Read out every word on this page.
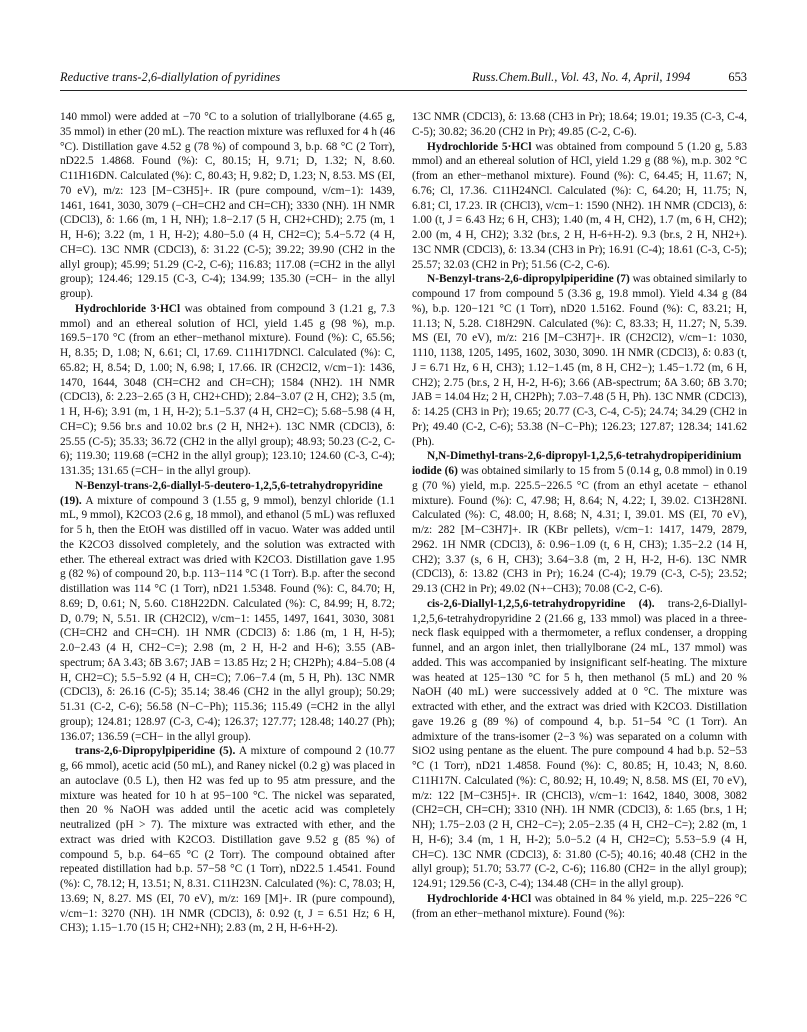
Reductive trans-2,6-diallylation of pyridines	Russ.Chem.Bull., Vol. 43, No. 4, April, 1994	653

140 mmol) were added at −70 °C to a solution of triallylborane (4.65 g, 35 mmol) in ether (20 mL). The reaction mixture was refluxed for 4 h (46 °C). Distillation gave 4.52 g (78 %) of compound 3, b.p. 68 °C (2 Torr), nD22.5 1.4868. Found (%): C, 80.15; H, 9.71; D, 1.32; N, 8.60. C11H16DN. Calculated (%): C, 80.43; H, 9.82; D, 1.23; N, 8.53. MS (EI, 70 eV), m/z: 123 [M−C3H5]+. IR (pure compound, ν/cm−1): 1439, 1461, 1641, 3030, 3079 (−CH=CH2 and CH=CH); 3330 (NH). 1H NMR (CDCl3), δ: 1.66 (m, 1 H, NH); 1.8−2.17 (5 H, CH2+CHD); 2.75 (m, 1 H, H-6); 3.22 (m, 1 H, H-2); 4.80−5.0 (4 H, CH2=C); 5.4−5.72 (4 H, CH=C). 13C NMR (CDCl3), δ: 31.22 (C-5); 39.22; 39.90 (CH2 in the allyl group); 45.99; 51.29 (C-2, C-6); 116.83; 117.08 (=CH2 in the allyl group); 124.46; 129.15 (C-3, C-4); 134.99; 135.30 (=CH− in the allyl group).

Hydrochloride 3·HCl was obtained from compound 3 (1.21 g, 7.3 mmol) and an ethereal solution of HCl, yield 1.45 g (98 %), m.p. 169.5−170 °C (from an ether−methanol mixture). Found (%): C, 65.56; H, 8.35; D, 1.08; N, 6.61; Cl, 17.69. C11H17DNCl. Calculated (%): C, 65.82; H, 8.54; D, 1.00; N, 6.98; I, 17.66. IR (CH2Cl2, ν/cm−1): 1436, 1470, 1644, 3048 (CH=CH2 and CH=CH); 1584 (NH2). 1H NMR (CDCl3), δ: 2.23−2.65 (3 H, CH2+CHD); 2.84−3.07 (2 H, CH2); 3.5 (m, 1 H, H-6); 3.91 (m, 1 H, H-2); 5.1−5.37 (4 H, CH2=C); 5.68−5.98 (4 H, CH=C); 9.56 br.s and 10.02 br.s (2 H, NH2+). 13C NMR (CDCl3), δ: 25.55 (C-5); 35.33; 36.72 (CH2 in the allyl group); 48.93; 50.23 (C-2, C-6); 119.30; 119.68 (=CH2 in the allyl group); 123.10; 124.60 (C-3, C-4); 131.35; 131.65 (=CH− in the allyl group).

N-Benzyl-trans-2,6-diallyl-5-deutero-1,2,5,6-tetrahydropyridine (19). A mixture of compound 3 (1.55 g, 9 mmol), benzyl chloride (1.1 mL, 9 mmol), K2CO3 (2.6 g, 18 mmol), and ethanol (5 mL) was refluxed for 5 h, then the EtOH was distilled off in vacuo. Water was added until the K2CO3 dissolved completely, and the solution was extracted with ether. The ethereal extract was dried with K2CO3. Distillation gave 1.95 g (82 %) of compound 20, b.p. 113−114 °C (1 Torr). B.p. after the second distillation was 114 °C (1 Torr), nD21 1.5348. Found (%): C, 84.70; H, 8.69; D, 0.61; N, 5.60. C18H22DN. Calculated (%): C, 84.99; H, 8.72; D, 0.79; N, 5.51. IR (CH2Cl2), ν/cm−1: 1455, 1497, 1641, 3030, 3081 (CH=CH2 and CH=CH). 1H NMR (CDCl3) δ: 1.86 (m, 1 H, H-5); 2.0−2.43 (4 H, CH2−C=); 2.98 (m, 2 H, H-2 and H-6); 3.55 (AB-spectrum; δA 3.43; δB 3.67; JAB = 13.85 Hz; 2 H; CH2Ph); 4.84−5.08 (4 H, CH2=C); 5.5−5.92 (4 H, CH=C); 7.06−7.4 (m, 5 H, Ph). 13C NMR (CDCl3), δ: 26.16 (C-5); 35.14; 38.46 (CH2 in the allyl group); 50.29; 51.31 (C-2, C-6); 56.58 (N−C−Ph); 115.36; 115.49 (=CH2 in the allyl group); 124.81; 128.97 (C-3, C-4); 126.37; 127.77; 128.48; 140.27 (Ph); 136.07; 136.59 (=CH− in the allyl group).

trans-2,6-Dipropylpiperidine (5). A mixture of compound 2 (10.77 g, 66 mmol), acetic acid (50 mL), and Raney nickel (0.2 g) was placed in an autoclave (0.5 L), then H2 was fed up to 95 atm pressure, and the mixture was heated for 10 h at 95−100 °C. The nickel was separated, then 20 % NaOH was added until the acetic acid was completely neutralized (pH > 7). The mixture was extracted with ether, and the extract was dried with K2CO3. Distillation gave 9.52 g (85 %) of compound 5, b.p. 64−65 °C (2 Torr). The compound obtained after repeated distillation had b.p. 57−58 °C (1 Torr), nD22.5 1.4541. Found (%): C, 78.12; H, 13.51; N, 8.31. C11H23N. Calculated (%): C, 78.03; H, 13.69; N, 8.27. MS (EI, 70 eV), m/z: 169 [M]+. IR (pure compound), ν/cm−1: 3270 (NH). 1H NMR (CDCl3), δ: 0.92 (t, J = 6.51 Hz; 6 H, CH3); 1.15−1.70 (15 H; CH2+NH); 2.83 (m, 2 H, H-6+H-2).

13C NMR (CDCl3), δ: 13.68 (CH3 in Pr); 18.64; 19.01; 19.35 (C-3, C-4, C-5); 30.82; 36.20 (CH2 in Pr); 49.85 (C-2, C-6).

Hydrochloride 5·HCl was obtained from compound 5 (1.20 g, 5.83 mmol) and an ethereal solution of HCl, yield 1.29 g (88 %), m.p. 302 °C (from an ether−methanol mixture). Found (%): C, 64.45; H, 11.67; N, 6.76; Cl, 17.36. C11H24NCl. Calculated (%): C, 64.20; H, 11.75; N, 6.81; Cl, 17.23. IR (CHCl3), ν/cm−1: 1590 (NH2). 1H NMR (CDCl3), δ: 1.00 (t, J = 6.43 Hz; 6 H, CH3); 1.40 (m, 4 H, CH2), 1.7 (m, 6 H, CH2); 2.00 (m, 4 H, CH2); 3.32 (br.s, 2 H, H-6+H-2). 9.3 (br.s, 2 H, NH2+). 13C NMR (CDCl3), δ: 13.34 (CH3 in Pr); 16.91 (C-4); 18.61 (C-3, C-5); 25.57; 32.03 (CH2 in Pr); 51.56 (C-2, C-6).

N-Benzyl-trans-2,6-dipropylpiperidine (7) was obtained similarly to compound 17 from compound 5 (3.36 g, 19.8 mmol). Yield 4.34 g (84 %), b.p. 120−121 °C (1 Torr), nD20 1.5162. Found (%): C, 83.21; H, 11.13; N, 5.28. C18H29N. Calculated (%): C, 83.33; H, 11.27; N, 5.39. MS (EI, 70 eV), m/z: 216 [M−C3H7]+. IR (CH2Cl2), ν/cm−1: 1030, 1110, 1138, 1205, 1495, 1602, 3030, 3090. 1H NMR (CDCl3), δ: 0.83 (t, J = 6.71 Hz, 6 H, CH3); 1.12−1.45 (m, 8 H, CH2−); 1.45−1.72 (m, 6 H, CH2); 2.75 (br.s, 2 H, H-2, H-6); 3.66 (AB-spectrum; δA 3.60; δB 3.70; JAB = 14.04 Hz; 2 H, CH2Ph); 7.03−7.48 (5 H, Ph). 13C NMR (CDCl3), δ: 14.25 (CH3 in Pr); 19.65; 20.77 (C-3, C-4, C-5); 24.74; 34.29 (CH2 in Pr); 49.40 (C-2, C-6); 53.38 (N−C−Ph); 126.23; 127.87; 128.34; 141.62 (Ph).

N,N-Dimethyl-trans-2,6-dipropyl-1,2,5,6-tetrahydropiperidinium iodide (6) was obtained similarly to 15 from 5 (0.14 g, 0.8 mmol) in 0.19 g (70 %) yield, m.p. 225.5−226.5 °C (from an ethyl acetate − ethanol mixture). Found (%): C, 47.98; H, 8.64; N, 4.22; I, 39.02. C13H28NI. Calculated (%): C, 48.00; H, 8.68; N, 4.31; I, 39.01. MS (EI, 70 eV), m/z: 282 [M−C3H7]+. IR (KBr pellets), ν/cm−1: 1417, 1479, 2879, 2962. 1H NMR (CDCl3), δ: 0.96−1.09 (t, 6 H, CH3); 1.35−2.2 (14 H, CH2); 3.37 (s, 6 H, CH3); 3.64−3.8 (m, 2 H, H-2, H-6). 13C NMR (CDCl3), δ: 13.82 (CH3 in Pr); 16.24 (C-4); 19.79 (C-3, C-5); 23.52; 29.13 (CH2 in Pr); 49.02 (N+−CH3); 70.08 (C-2, C-6).

cis-2,6-Diallyl-1,2,5,6-tetrahydropyridine (4). trans-2,6-Diallyl-1,2,5,6-tetrahydropyridine 2 (21.66 g, 133 mmol) was placed in a three-neck flask equipped with a thermometer, a reflux condenser, a dropping funnel, and an argon inlet, then triallylborane (24 mL, 137 mmol) was added. This was accompanied by insignificant self-heating. The mixture was heated at 125−130 °C for 5 h, then methanol (5 mL) and 20 % NaOH (40 mL) were successively added at 0 °C. The mixture was extracted with ether, and the extract was dried with K2CO3. Distillation gave 19.26 g (89 %) of compound 4, b.p. 51−54 °C (1 Torr). An admixture of the trans-isomer (2−3 %) was separated on a column with SiO2 using pentane as the eluent. The pure compound 4 had b.p. 52−53 °C (1 Torr), nD21 1.4858. Found (%): C, 80.85; H, 10.43; N, 8.60. C11H17N. Calculated (%): C, 80.92; H, 10.49; N, 8.58. MS (EI, 70 eV), m/z: 122 [M−C3H5]+. IR (CHCl3), ν/cm−1: 1642, 1840, 3008, 3082 (CH2=CH, CH=CH); 3310 (NH). 1H NMR (CDCl3), δ: 1.65 (br.s, 1 H; NH); 1.75−2.03 (2 H, CH2−C=); 2.05−2.35 (4 H, CH2−C=); 2.82 (m, 1 H, H-6); 3.4 (m, 1 H, H-2); 5.0−5.2 (4 H, CH2=C); 5.53−5.9 (4 H, CH=C). 13C NMR (CDCl3), δ: 31.80 (C-5); 40.16; 40.48 (CH2 in the allyl group); 51.70; 53.77 (C-2, C-6); 116.80 (CH2= in the allyl group); 124.91; 129.56 (C-3, C-4); 134.48 (CH= in the allyl group).

Hydrochloride 4·HCl was obtained in 84 % yield, m.p. 225−226 °C (from an ether−methanol mixture). Found (%):
